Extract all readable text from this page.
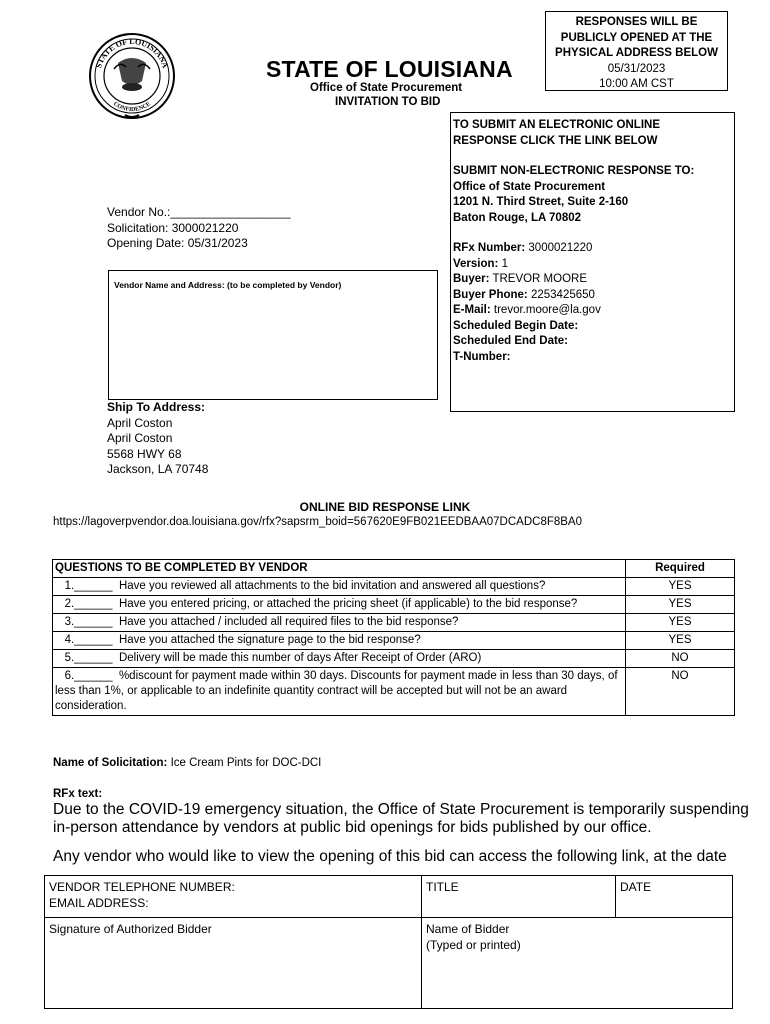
STATE OF LOUISIANA
CONFIDENCE
STATE OF LOUISIANA
Office of State Procurement
INVITATION TO BID
RESPONSES WILL BE
PUBLICLY OPENED AT THE
PHYSICAL ADDRESS BELOW
05/31/2023
10:00 AM CST
TO SUBMIT AN ELECTRONIC ONLINE
RESPONSE CLICK THE LINK BELOW
SUBMIT NON-ELECTRONIC RESPONSE TO:
Office of State Procurement
1201 N. Third Street, Suite 2-160
Baton Rouge, LA 70802
RFx Number: 3000021220
Version: 1
Buyer: TREVOR MOORE
Buyer Phone: 2253425650
E-Mail: trevor.moore@la.gov
Scheduled Begin Date:
Scheduled End Date:
T-Number:
Vendor No.:__________________
Solicitation: 3000021220
Opening Date: 05/31/2023
Vendor Name and Address: (to be completed by Vendor)
Ship To Address:
April Coston
April Coston
5568 HWY 68
Jackson, LA 70748
ONLINE BID RESPONSE LINK
https://lagoverpvendor.doa.louisiana.gov/rfx?sapsrm_boid=567620E9FB021EEDBAA07DCADC8F8BA0
QUESTIONS TO BE COMPLETED BY VENDOR	Required
1.______  Have you reviewed all attachments to the bid invitation and answered all questions?	YES
2.______  Have you entered pricing, or attached the pricing sheet (if applicable) to the bid response?	YES
3.______  Have you attached / included all required files to the bid response?	YES
4.______  Have you attached the signature page to the bid response?	YES
5.______  Delivery will be made this number of days After Receipt of Order (ARO)	NO
6.______  %discount for payment made within 30 days. Discounts for payment made in less than 30 days, of less than 1%, or applicable to an indefinite quantity contract will be accepted but will not be an award consideration.	NO
Name of Solicitation: Ice Cream Pints for DOC-DCI
RFx text:
Due to the COVID-19 emergency situation, the Office of State Procurement is temporarily suspending in-person attendance by vendors at public bid openings for bids published by our office.
Any vendor who would like to view the opening of this bid can access the following link, at the date
VENDOR TELEPHONE NUMBER:
EMAIL ADDRESS:	TITLE	DATE

Signature of Authorized Bidder	Name of Bidder
(Typed or printed)	
